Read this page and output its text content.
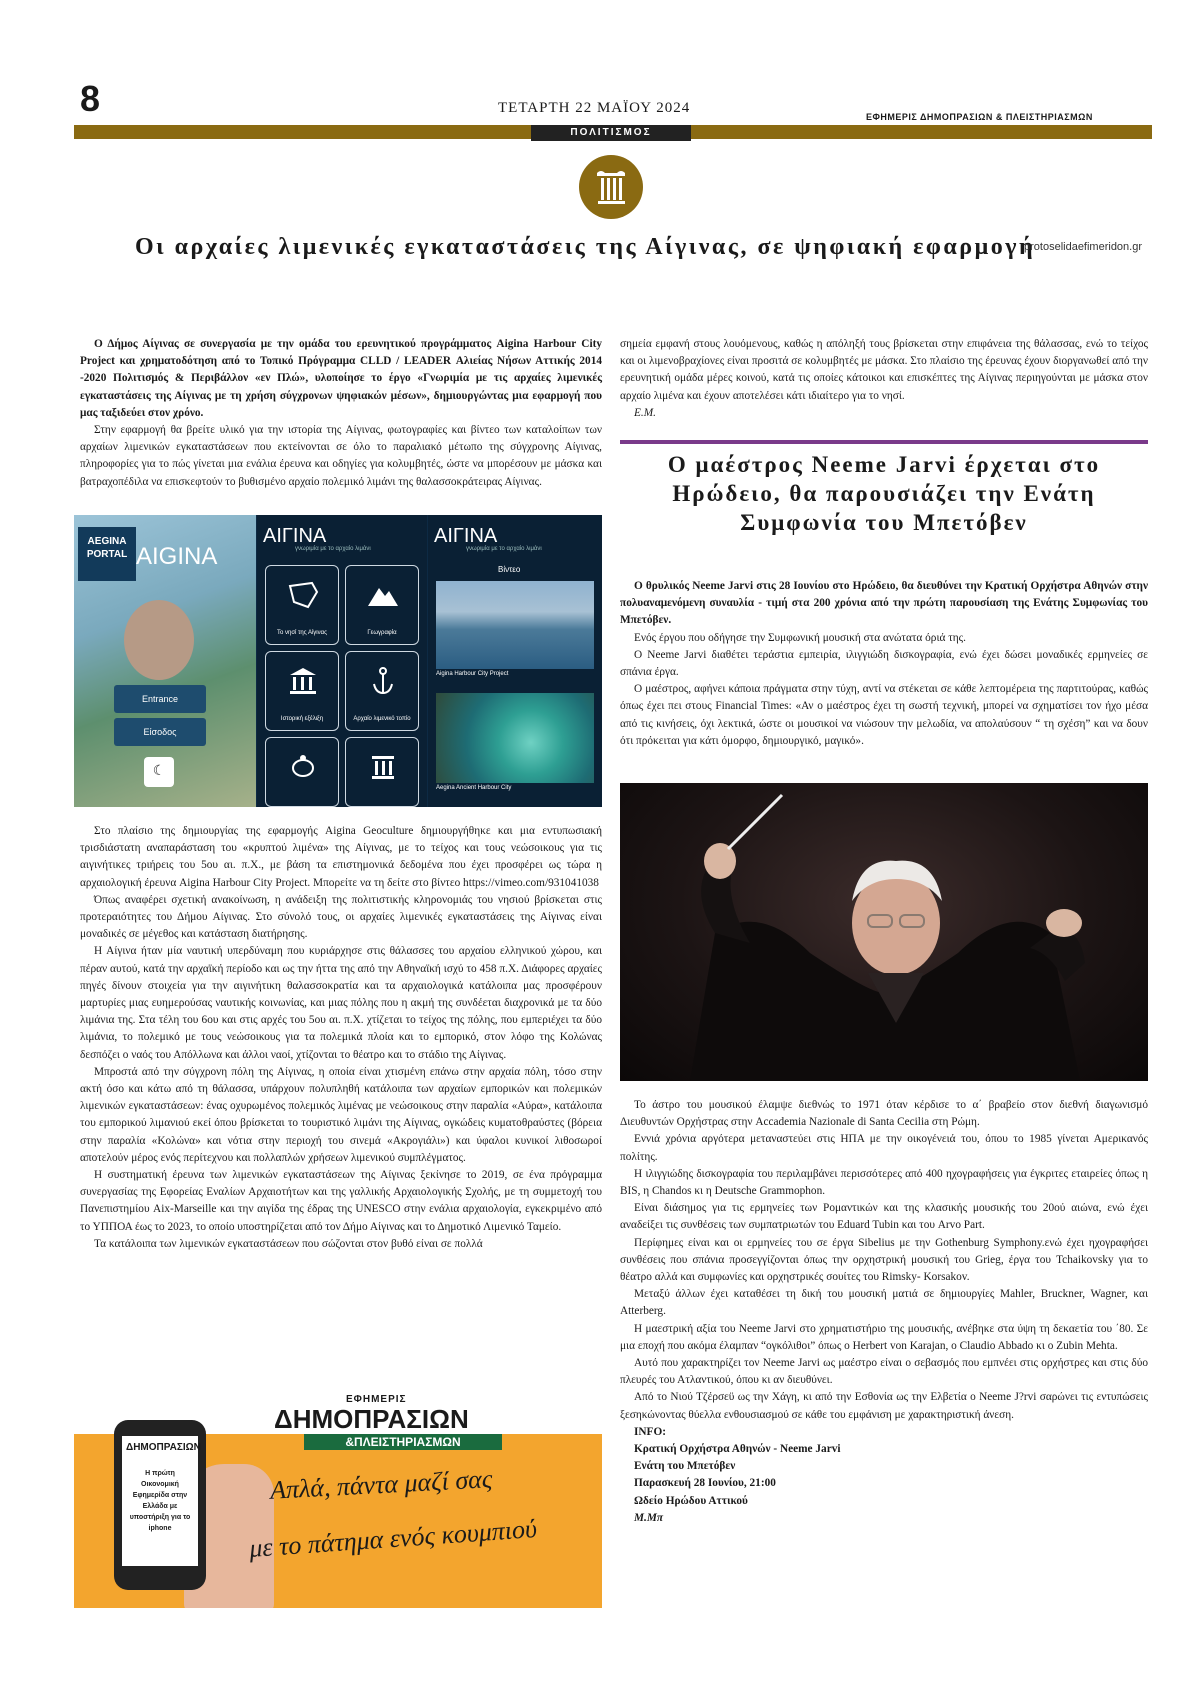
8	ΤΕΤΑΡΤΗ 22 ΜΑΪΟΥ 2024
ΕΦΗΜΕΡΙΣ ΔΗΜΟΠΡΑΣΙΩΝ & ΠΛΕΙΣΤΗΡΙΑΣΜΩΝ
ΠΟΛΙΤΙΣΜΟΣ
Οι αρχαίες λιμενικές εγκαταστάσεις της Αίγινας, σε ψηφιακή εφαρμογή
protoselidaefimeridon.gr

Ο Δήμος Αίγινας σε συνεργασία με την ομάδα του ερευνητικού προγράμματος Aigina Harbour City Project και χρηματοδότηση από το Τοπικό Πρόγραμμα CLLD / LEADER Αλιείας Νήσων Αττικής 2014 -2020 Πολιτισμός & Περιβάλλον «εν Πλώ», υλοποίησε το έργο «Γνωριμία με τις αρχαίες λιμενικές εγκαταστάσεις της Αίγινας με τη χρήση σύγχρονων ψηφιακών μέσων», δημιουργώντας μια εφαρμογή που μας ταξιδεύει στον χρόνο.

Στην εφαρμογή θα βρείτε υλικό για την ιστορία της Αίγινας, φωτογραφίες και βίντεο των καταλοίπων των αρχαίων λιμενικών εγκαταστάσεων που εκτείνονται σε όλο το παραλιακό μέτωπο της σύγχρονης Αίγινας, πληροφορίες για το πώς γίνεται μια ενάλια έρευνα και οδηγίες για κολυμβητές, ώστε να μπορέσουν με μάσκα και βατραχοπέδιλα να επισκεφτούν το βυθισμένο αρχαίο πολεμικό λιμάνι της θαλασσοκράτειρας Αίγινας.

AEGINA PORTAL AIGINA
Entrance
Είσοδος
☾
ΑΙΓΙΝΑ
γνωριμία με το αρχαίο λιμάνι
Το νησί της Αίγινας	Γεωγραφία
Ιστορική εξέλιξη	Αρχαίο λιμενικό τοπίο
ΑΙΓΙΝΑ
γνωριμία με το αρχαίο λιμάνι
Βίντεο
Aigina Harbour City Project
Aegina Ancient Harbour City

Στο πλαίσιο της δημιουργίας της εφαρμογής Aigina Geoculture δημιουργήθηκε και μια εντυπωσιακή τρισδιάστατη αναπαράσταση του «κρυπτού λιμένα» της Αίγινας, με το τείχος και τους νεώσοικους για τις αιγινήτικες τριήρεις του 5ου αι. π.Χ., με βάση τα επιστημονικά δεδομένα που έχει προσφέρει ως τώρα η αρχαιολογική έρευνα Aigina Harbour City Project. Μπορείτε να τη δείτε στο βίντεο https://vimeo.com/931041038

Όπως αναφέρει σχετική ανακοίνωση, η ανάδειξη της πολιτιστικής κληρονομιάς του νησιού βρίσκεται στις προτεραιότητες του Δήμου Αίγινας. Στο σύνολό τους, οι αρχαίες λιμενικές εγκαταστάσεις της Αίγινας είναι μοναδικές σε μέγεθος και κατάσταση διατήρησης.

Η Αίγινα ήταν μία ναυτική υπερδύναμη που κυριάρχησε στις θάλασσες του αρχαίου ελληνικού χώρου, και πέραν αυτού, κατά την αρχαϊκή περίοδο και ως την ήττα της από την Αθηναϊκή ισχύ το 458 π.Χ. Διάφορες αρχαίες πηγές δίνουν στοιχεία για την αιγινήτικη θαλασσοκρατία και τα αρχαιολογικά κατάλοιπα μας προσφέρουν μαρτυρίες μιας ευημερούσας ναυτικής κοινωνίας, και μιας πόλης που η ακμή της συνδέεται διαχρονικά με τα δύο λιμάνια της. Στα τέλη του 6ου και στις αρχές του 5ου αι. π.Χ. χτίζεται το τείχος της πόλης, που εμπεριέχει τα δύο λιμάνια, το πολεμικό με τους νεώσοικους για τα πολεμικά πλοία και το εμπορικό, στον λόφο της Κολώνας δεσπόζει ο ναός του Απόλλωνα και άλλοι ναοί, χτίζονται το θέατρο και το στάδιο της Αίγινας.

Μπροστά από την σύγχρονη πόλη της Αίγινας, η οποία είναι χτισμένη επάνω στην αρχαία πόλη, τόσο στην ακτή όσο και κάτω από τη θάλασσα, υπάρχουν πολυπληθή κατάλοιπα των αρχαίων εμπορικών και πολεμικών λιμενικών εγκαταστάσεων: ένας οχυρωμένος πολεμικός λιμένας με νεώσοικους στην παραλία «Αύρα», κατάλοιπα του εμπορικού λιμανιού εκεί όπου βρίσκεται το τουριστικό λιμάνι της Αίγινας, ογκώδεις κυματοθραύστες (βόρεια στην παραλία «Κολώνα» και νότια στην περιοχή του σινεμά «Ακρογιάλι») και ύφαλοι κυνικοί λιθοσωροί αποτελούν μέρος ενός περίτεχνου και πολλαπλών χρήσεων λιμενικού συμπλέγματος.

Η συστηματική έρευνα των λιμενικών εγκαταστάσεων της Αίγινας ξεκίνησε το 2019, σε ένα πρόγραμμα συνεργασίας της Εφορείας Εναλίων Αρχαιοτήτων και της γαλλικής Αρχαιολογικής Σχολής, με τη συμμετοχή του Πανεπιστημίου Aix-Marseille και την αιγίδα της έδρας της UNESCO στην ενάλια αρχαιολογία, εγκεκριμένο από το ΥΠΠΟΑ έως το 2023, το οποίο υποστηρίζεται από τον Δήμο Αίγινας και το Δημοτικό Λιμενικό Ταμείο.

Τα κατάλοιπα των λιμενικών εγκαταστάσεων που σώζονται στον βυθό είναι σε πολλά

ΕΦΗΜΕΡΙΣ
ΔΗΜΟΠΡΑΣΙΩΝ
&ΠΛΕΙΣΤΗΡΙΑΣΜΩΝ
ΔΗΜΟΠΡΑΣΙΩΝ
Η πρώτη Οικονομική Εφημερίδα στην Ελλάδα με υποστήριξη για το iphone
Απλά, πάντα μαζί σας
με το πάτημα ενός κουμπιού

σημεία εμφανή στους λουόμενους, καθώς η απόληξή τους βρίσκεται στην επιφάνεια της θάλασσας, ενώ το τείχος και οι λιμενοβραχίονες είναι προσιτά σε κολυμβητές με μάσκα. Στο πλαίσιο της έρευνας έχουν διοργανωθεί από την ερευνητική ομάδα μέρες κοινού, κατά τις οποίες κάτοικοι και επισκέπτες της Αίγινας περιηγούνται με μάσκα στον αρχαίο λιμένα και έχουν αποτελέσει κάτι ιδιαίτερο για το νησί.

Ε.Μ.
Ο μαέστρος Neeme Jarvi έρχεται στο Ηρώδειο, θα παρουσιάζει την Ενάτη Συμφωνία του Μπετόβεν

Ο θρυλικός Neeme Jarvi στις 28 Ιουνίου στο Ηρώδειο, θα διευθύνει την Κρατική Ορχήστρα Αθηνών στην πολυαναμενόμενη συναυλία - τιμή στα 200 χρόνια από την πρώτη παρουσίαση της Ενάτης Συμφωνίας του Μπετόβεν.

Ενός έργου που οδήγησε την Συμφωνική μουσική στα ανώτατα όριά της.

Ο Neeme Jarvi διαθέτει τεράστια εμπειρία, ιλιγγιώδη δισκογραφία, ενώ έχει δώσει μοναδικές ερμηνείες σε σπάνια έργα.

Ο μαέστρος, αφήνει κάποια πράγματα στην τύχη, αντί να στέκεται σε κάθε λεπτομέρεια της παρτιτούρας, καθώς όπως έχει πει στους Financial Times: «Αν ο μαέστρος έχει τη σωστή τεχνική, μπορεί να σχηματίσει τον ήχο μέσα από τις κινήσεις, όχι λεκτικά, ώστε οι μουσικοί να νιώσουν την μελωδία, να απολαύσουν “ τη σχέση” και να δουν ότι πρόκειται για κάτι όμορφο, δημιουργικό, μαγικό».

Το άστρο του μουσικού έλαμψε διεθνώς το 1971 όταν κέρδισε το α΄ βραβείο στον διεθνή διαγωνισμό Διευθυντών Ορχήστρας στην Accademia Nazionale di Santa Cecilia στη Ρώμη.

Εννιά χρόνια αργότερα μεταναστεύει στις ΗΠΑ με την οικογένειά του, όπου το 1985 γίνεται Αμερικανός πολίτης.

Η ιλιγγιώδης δισκογραφία του περιλαμβάνει περισσότερες από 400 ηχογραφήσεις για έγκριτες εταιρείες όπως η BIS, η Chandos κι η Deutsche Grammophon.

Είναι διάσημος για τις ερμηνείες των Ρομαντικών και της κλασικής μουσικής του 20ού αιώνα, ενώ έχει αναδείξει τις συνθέσεις των συμπατριωτών του Eduard Tubin και του Arvo Part.

Περίφημες είναι και οι ερμηνείες του σε έργα Sibelius με την Gothenburg Symphony.ενώ έχει ηχογραφήσει συνθέσεις που σπάνια προσεγγίζονται όπως την ορχηστρική μουσική του Grieg, έργα του Tchaikovsky για το θέατρο αλλά και συμφωνίες και ορχηστρικές σουίτες του Rimsky- Korsakov.

Μεταξύ άλλων έχει καταθέσει τη δική του μουσική ματιά σε δημιουργίες Mahler, Bruckner, Wagner, και Atterberg.

Η μαεστρική αξία του Neeme Jarvi στο χρηματιστήριο της μουσικής, ανέβηκε στα ύψη τη δεκαετία του ΄80. Σε μια εποχή που ακόμα έλαμπαν “ογκόλιθοι” όπως ο Herbert von Karajan, ο Claudio Abbado κι ο Zubin Mehta.

Αυτό που χαρακτηρίζει τον Neeme Jarvi ως μαέστρο είναι ο σεβασμός που εμπνέει στις ορχήστρες και στις δύο πλευρές του Ατλαντικού, όπου κι αν διευθύνει.

Από το Νιού Τζέρσεϋ ως την Χάγη, κι από την Εσθονία ως την Ελβετία ο Neeme J?rvi σαρώνει τις εντυπώσεις ξεσηκώνοντας θύελλα ενθουσιασμού σε κάθε του εμφάνιση με χαρακτηριστική άνεση.

INFO:

Κρατική Ορχήστρα Αθηνών - Neeme Jarvi

Ενάτη του Μπετόβεν

Παρασκευή 28 Ιουνίου, 21:00

Ωδείο Ηρώδου Αττικού

Μ.Μπ
